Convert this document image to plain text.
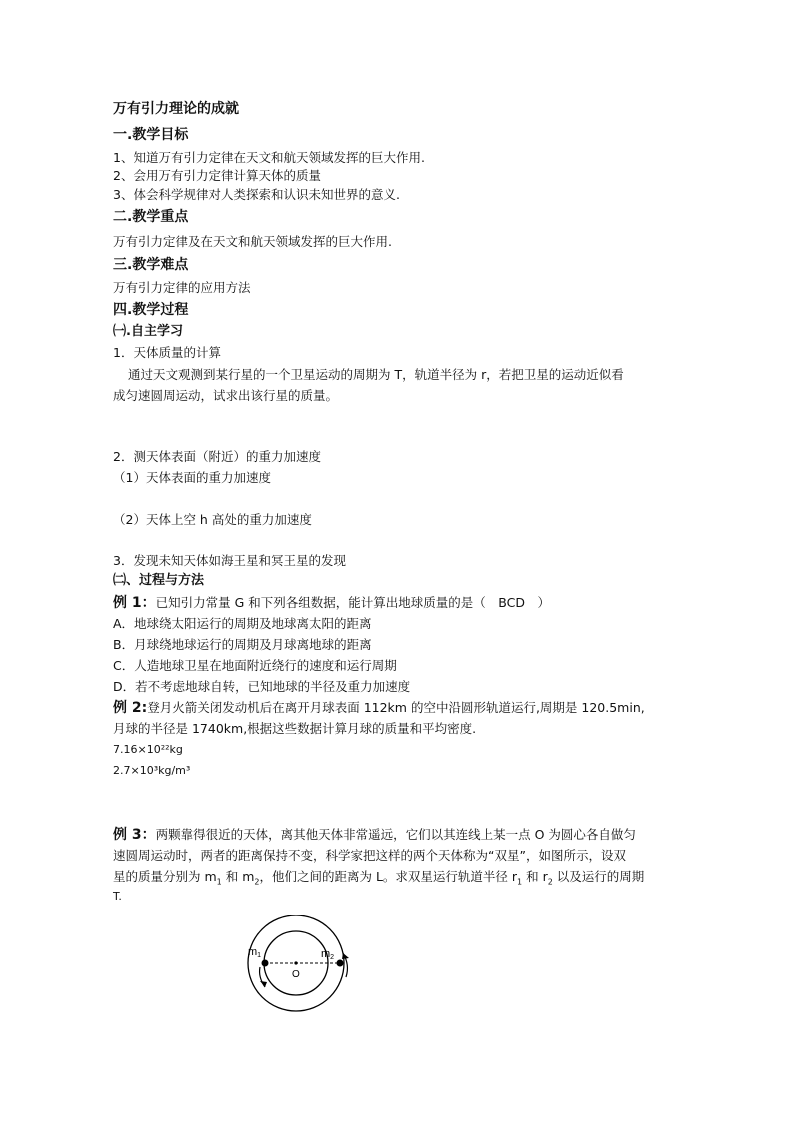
万有引力理论的成就
一.教学目标
1、知道万有引力定律在天文和航天领域发挥的巨大作用.
2、会用万有引力定律计算天体的质量
3、体会科学规律对人类探索和认识未知世界的意义.
二.教学重点
万有引力定律及在天文和航天领域发挥的巨大作用.
三.教学难点
万有引力定律的应用方法
四.教学过程
㈠.自主学习
1．天体质量的计算
通过天文观测到某行星的一个卫星运动的周期为 T，轨道半径为 r，若把卫星的运动近似看
成匀速圆周运动，试求出该行星的质量。
2．测天体表面（附近）的重力加速度
（1）天体表面的重力加速度
（2）天体上空 h 高处的重力加速度
3．发现未知天体如海王星和冥王星的发现
㈡、过程与方法
例 1：已知引力常量 G 和下列各组数据，能计算出地球质量的是（　BCD　）
A．地球绕太阳运行的周期及地球离太阳的距离
B．月球绕地球运行的周期及月球离地球的距离
C．人造地球卫星在地面附近绕行的速度和运行周期
D．若不考虑地球自转，已知地球的半径及重力加速度
例 2:登月火箭关闭发动机后在离开月球表面 112km 的空中沿圆形轨道运行,周期是 120.5min,
月球的半径是 1740km,根据这些数据计算月球的质量和平均密度.
7.16×10²²kg
2.7×10³kg/m³
例 3：两颗靠得很近的天体，离其他天体非常遥远，它们以其连线上某一点 O 为圆心各自做匀
速圆周运动时，两者的距离保持不变，科学家把这样的两个天体称为“双星”，如图所示，设双
星的质量分别为 $m_1$ 和 $m_2$，他们之间的距离为 L。求双星运行轨道半径 $r_1$ 和 $r_2$ 以及运行的周期
T.
m1	m2
O
